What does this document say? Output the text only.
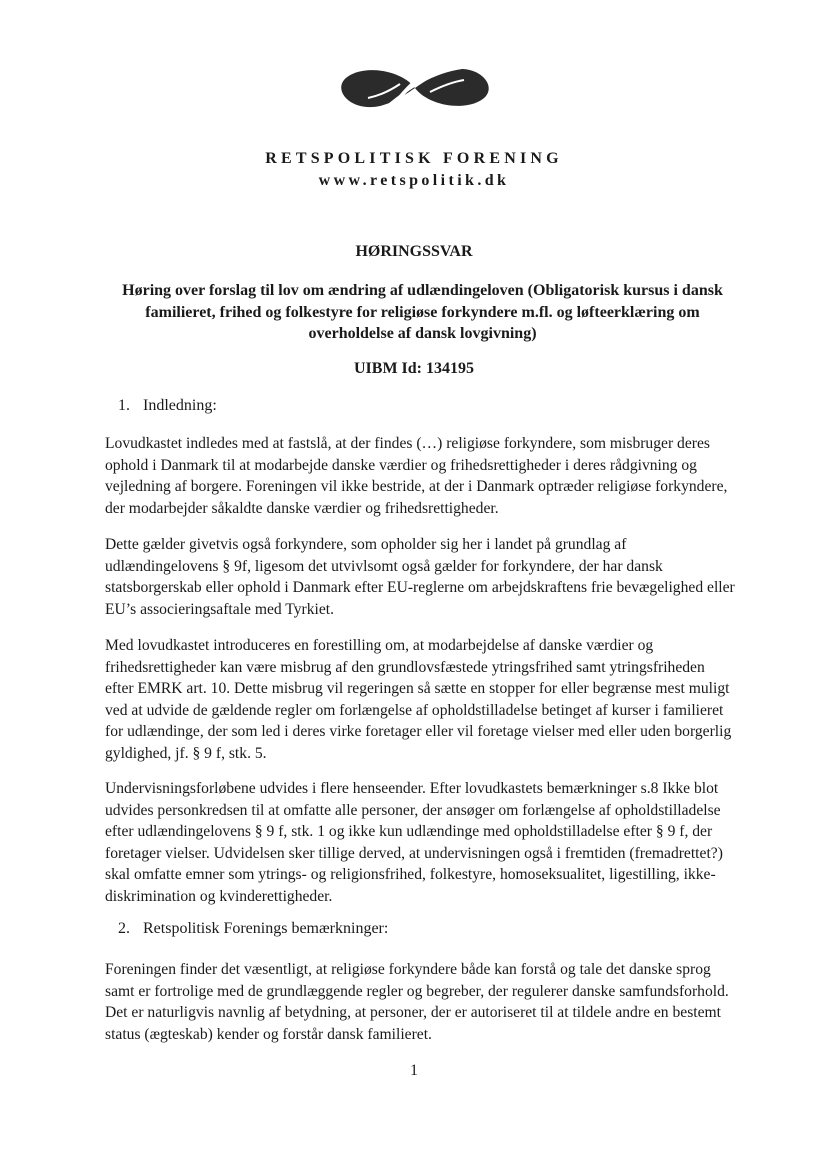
RETSPOLITISK FORENING
www.retspolitik.dk
HØRINGSSVAR
Høring over forslag til lov om ændring af udlændingeloven (Obligatorisk kursus i dansk familieret, frihed og folkestyre for religiøse forkyndere m.fl. og løfteerklæring om overholdelse af dansk lovgivning)
UIBM Id: 134195
1. Indledning:

Lovudkastet indledes med at fastslå, at der findes (…) religiøse forkyndere, som misbruger deres ophold i Danmark til at modarbejde danske værdier og frihedsrettigheder i deres rådgivning og vejledning af borgere. Foreningen vil ikke bestride, at der i Danmark optræder religiøse forkyndere, der modarbejder såkaldte danske værdier og frihedsrettigheder.

Dette gælder givetvis også forkyndere, som opholder sig her i landet på grundlag af udlændingelovens § 9f, ligesom det utvivlsomt også gælder for forkyndere, der har dansk statsborgerskab eller ophold i Danmark efter EU-reglerne om arbejdskraftens frie bevægelighed eller EU’s associeringsaftale med Tyrkiet.

Med lovudkastet introduceres en forestilling om, at modarbejdelse af danske værdier og frihedsrettigheder kan være misbrug af den grundlovsfæstede ytringsfrihed samt ytringsfriheden efter EMRK art. 10. Dette misbrug vil regeringen så sætte en stopper for eller begrænse mest muligt ved at udvide de gældende regler om forlængelse af opholdstilladelse betinget af kurser i familieret for udlændinge, der som led i deres virke foretager eller vil foretage vielser med eller uden borgerlig gyldighed, jf. § 9 f, stk. 5.

Undervisningsforløbene udvides i flere henseender. Efter lovudkastets bemærkninger s.8 Ikke blot udvides personkredsen til at omfatte alle personer, der ansøger om forlængelse af opholdstilladelse efter udlændingelovens § 9 f, stk. 1 og ikke kun udlændinge med opholdstilladelse efter § 9 f, der foretager vielser. Udvidelsen sker tillige derved, at undervisningen også i fremtiden (fremadrettet?) skal omfatte emner som ytrings- og religionsfrihed, folkestyre, homoseksualitet, ligestilling, ikke-diskrimination og kvinderettigheder.

2. Retspolitisk Forenings bemærkninger:

Foreningen finder det væsentligt, at religiøse forkyndere både kan forstå og tale det danske sprog samt er fortrolige med de grundlæggende regler og begreber, der regulerer danske samfundsforhold. Det er naturligvis navnlig af betydning, at personer, der er autoriseret til at tildele andre en bestemt status (ægteskab) kender og forstår dansk familieret.

1
